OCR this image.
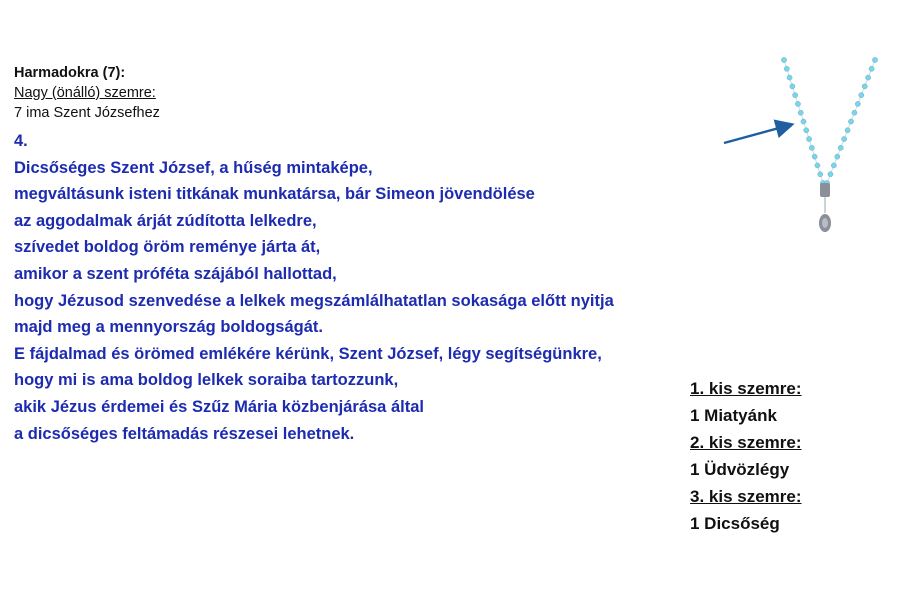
Harmadokra (7):
Nagy (önálló) szemre:
7 ima Szent Józsefhez
4.
Dicsőséges Szent József, a hűség mintaképe,
megváltásunk isteni titkának munkatársa, bár Simeon jövendölése
az aggodalmak árját zúdította lelkedre,
szívedet boldog öröm reménye járta át,
amikor a szent próféta szájából hallottad,
hogy Jézusod szenvedése a lelkek megszámlálhatatlan sokasága előtt nyitja
majd meg a mennyország boldogságát.
E fájdalmad és örömed emlékére kérünk, Szent József, légy segítségünkre,
hogy mi is ama boldog lelkek soraiba tartozzunk,
akik Jézus érdemei és Szűz Mária közbenjárása által
a dicsőséges feltámadás részesei lehetnek.
1. kis szemre:
1 Miatyánk
2. kis szemre:
1 Üdvözlégy
3. kis szemre:
1 Dicsőség
